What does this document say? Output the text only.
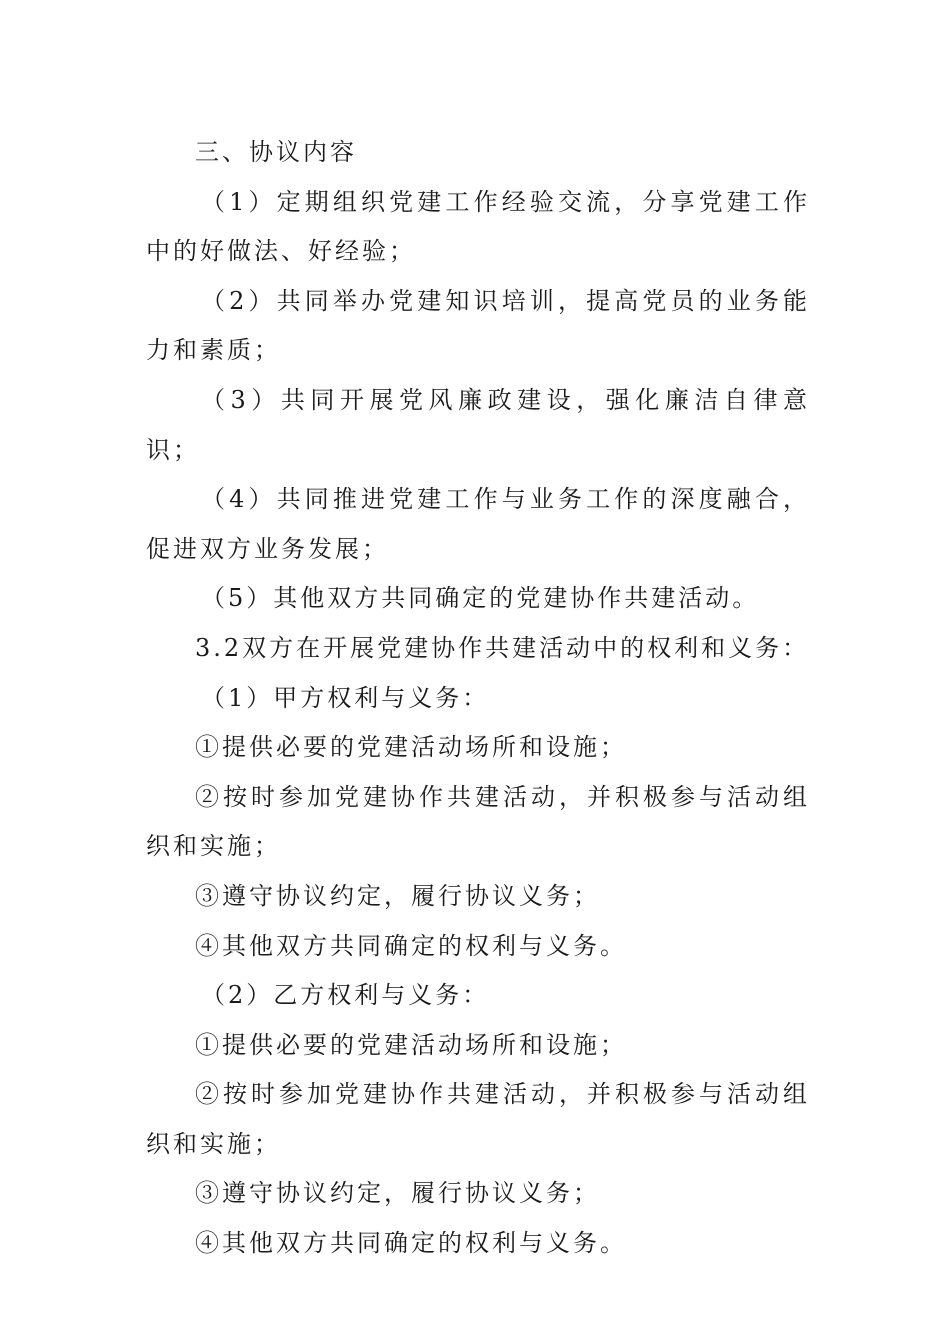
三、协议内容

（1）定期组织党建工作经验交流，分享党建工作中的好做法、好经验；

（2）共同举办党建知识培训，提高党员的业务能力和素质；

（3）共同开展党风廉政建设，强化廉洁自律意识；

（4）共同推进党建工作与业务工作的深度融合，促进双方业务发展；

（5）其他双方共同确定的党建协作共建活动。

3.2双方在开展党建协作共建活动中的权利和义务：

（1）甲方权利与义务：

①提供必要的党建活动场所和设施；

②按时参加党建协作共建活动，并积极参与活动组织和实施；

③遵守协议约定，履行协议义务；

④其他双方共同确定的权利与义务。

（2）乙方权利与义务：

①提供必要的党建活动场所和设施；

②按时参加党建协作共建活动，并积极参与活动组织和实施；

③遵守协议约定，履行协议义务；

④其他双方共同确定的权利与义务。
